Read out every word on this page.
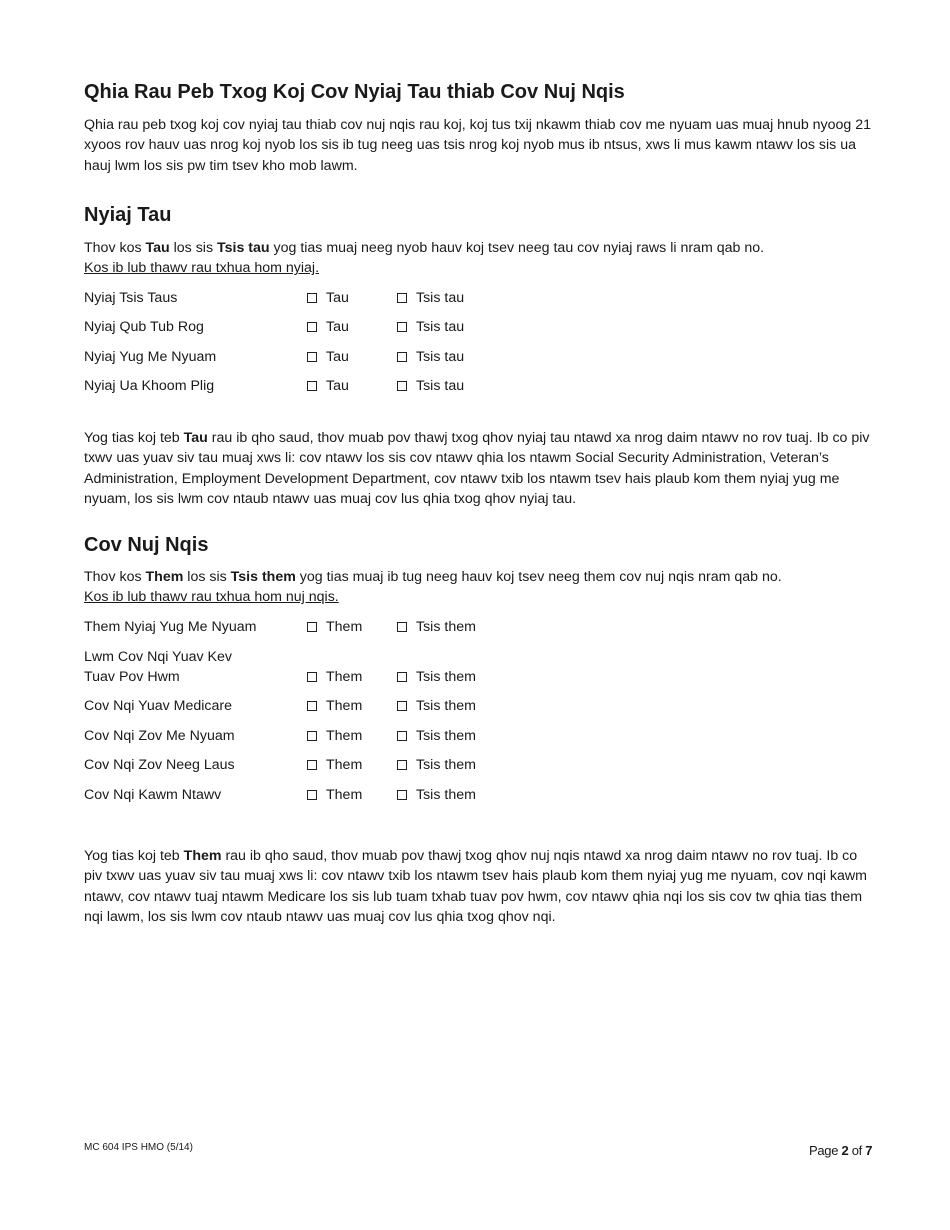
Qhia Rau Peb Txog Koj Cov Nyiaj Tau thiab Cov Nuj Nqis

Qhia rau peb txog koj cov nyiaj tau thiab cov nuj nqis rau koj, koj tus txij nkawm thiab cov me nyuam uas muaj hnub nyoog 21 xyoos rov hauv uas nrog koj nyob los sis ib tug neeg uas tsis nrog koj nyob mus ib ntsus, xws li mus kawm ntawv los sis ua hauj lwm los sis pw tim tsev kho mob lawm.

Nyiaj Tau

Thov kos Tau los sis Tsis tau yog tias muaj neeg nyob hauv koj tsev neeg tau cov nyiaj raws li nram qab no.
Kos ib lub thawv rau txhua hom nyiaj.

Nyiaj Tsis Taus	Tau	Tsis tau
Nyiaj Qub Tub Rog	Tau	Tsis tau
Nyiaj Yug Me Nyuam	Tau	Tsis tau
Nyiaj Ua Khoom Plig	Tau	Tsis tau

Yog tias koj teb Tau rau ib qho saud, thov muab pov thawj txog qhov nyiaj tau ntawd xa nrog daim ntawv no rov tuaj. Ib co piv txwv uas yuav siv tau muaj xws li: cov ntawv los sis cov ntawv qhia los ntawm Social Security Administration, Veteran’s Administration, Employment Development Department, cov ntawv txib los ntawm tsev hais plaub kom them nyiaj yug me nyuam, los sis lwm cov ntaub ntawv uas muaj cov lus qhia txog qhov nyiaj tau.

Cov Nuj Nqis

Thov kos Them los sis Tsis them yog tias muaj ib tug neeg hauv koj tsev neeg them cov nuj nqis nram qab no.
Kos ib lub thawv rau txhua hom nuj nqis.

Them Nyiaj Yug Me Nyuam	Them	Tsis them
Lwm Cov Nqi Yuav Kev
Tuav Pov Hwm	Them	Tsis them
Cov Nqi Yuav Medicare	Them	Tsis them
Cov Nqi Zov Me Nyuam	Them	Tsis them
Cov Nqi Zov Neeg Laus	Them	Tsis them
Cov Nqi Kawm Ntawv	Them	Tsis them

Yog tias koj teb Them rau ib qho saud, thov muab pov thawj txog qhov nuj nqis ntawd xa nrog daim ntawv no rov tuaj. Ib co piv txwv uas yuav siv tau muaj xws li: cov ntawv txib los ntawm tsev hais plaub kom them nyiaj yug me nyuam, cov nqi kawm ntawv, cov ntawv tuaj ntawm Medicare los sis lub tuam txhab tuav pov hwm, cov ntawv qhia nqi los sis cov tw qhia tias them nqi lawm, los sis lwm cov ntaub ntawv uas muaj cov lus qhia txog qhov nqi.

MC 604 IPS HMO (5/14)	Page 2 of 7
